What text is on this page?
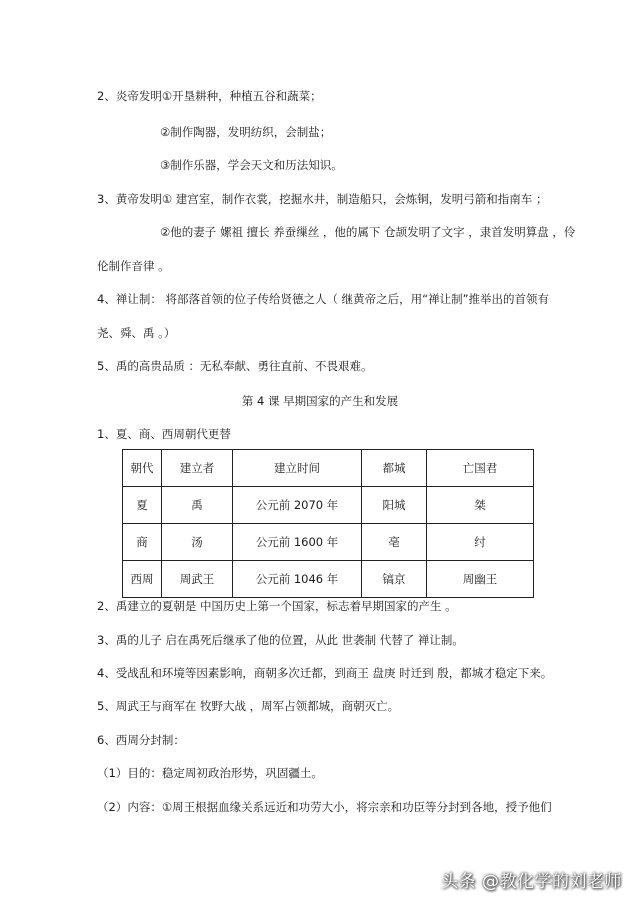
2、炎帝发明①开垦耕种，种植五谷和蔬菜；
②制作陶器，发明纺织，会制盐；
③制作乐器，学会天文和历法知识。
3、黄帝发明① 建宫室，制作衣裳，挖掘水井，制造船只，会炼铜，发明弓箭和指南车 ；
②他的妻子 嫘祖 擅长 养蚕缫丝 ，他的属下 仓颉发明了文字 ，隶首发明算盘 ，伶
伦制作音律 。
4、禅让制： 将部落首领的位子传给贤德之人（ 继黄帝之后，用“禅让制”推举出的首领有
尧、舜、禹 。）
5、禹的高贵品质 ：无私奉献、勇往直前、不畏艰难。
第 4 课 早期国家的产生和发展
1、夏、商、西周朝代更替
朝代	建立者	建立时间	都城	亡国君
夏	禹	公元前 2070 年	阳城	桀
商	汤	公元前 1600 年	亳	纣
西周	周武王	公元前 1046 年	镐京	周幽王
2、禹建立的夏朝是 中国历史上第一个国家，标志着早期国家的产生 。
3、禹的儿子 启在禹死后继承了他的位置，从此 世袭制 代替了 禅让制。
4、受战乱和环境等因素影响，商朝多次迁都，到商王 盘庚 时迁到 殷，都城才稳定下来。
5、周武王与商军在 牧野大战 ，周军占领都城，商朝灭亡。
6、西周分封制：
（1）目的：稳定周初政治形势，巩固疆土。
（2）内容：①周王根据血缘关系远近和功劳大小，将宗亲和功臣等分封到各地，授予他们
头条 @教化学的刘老师
